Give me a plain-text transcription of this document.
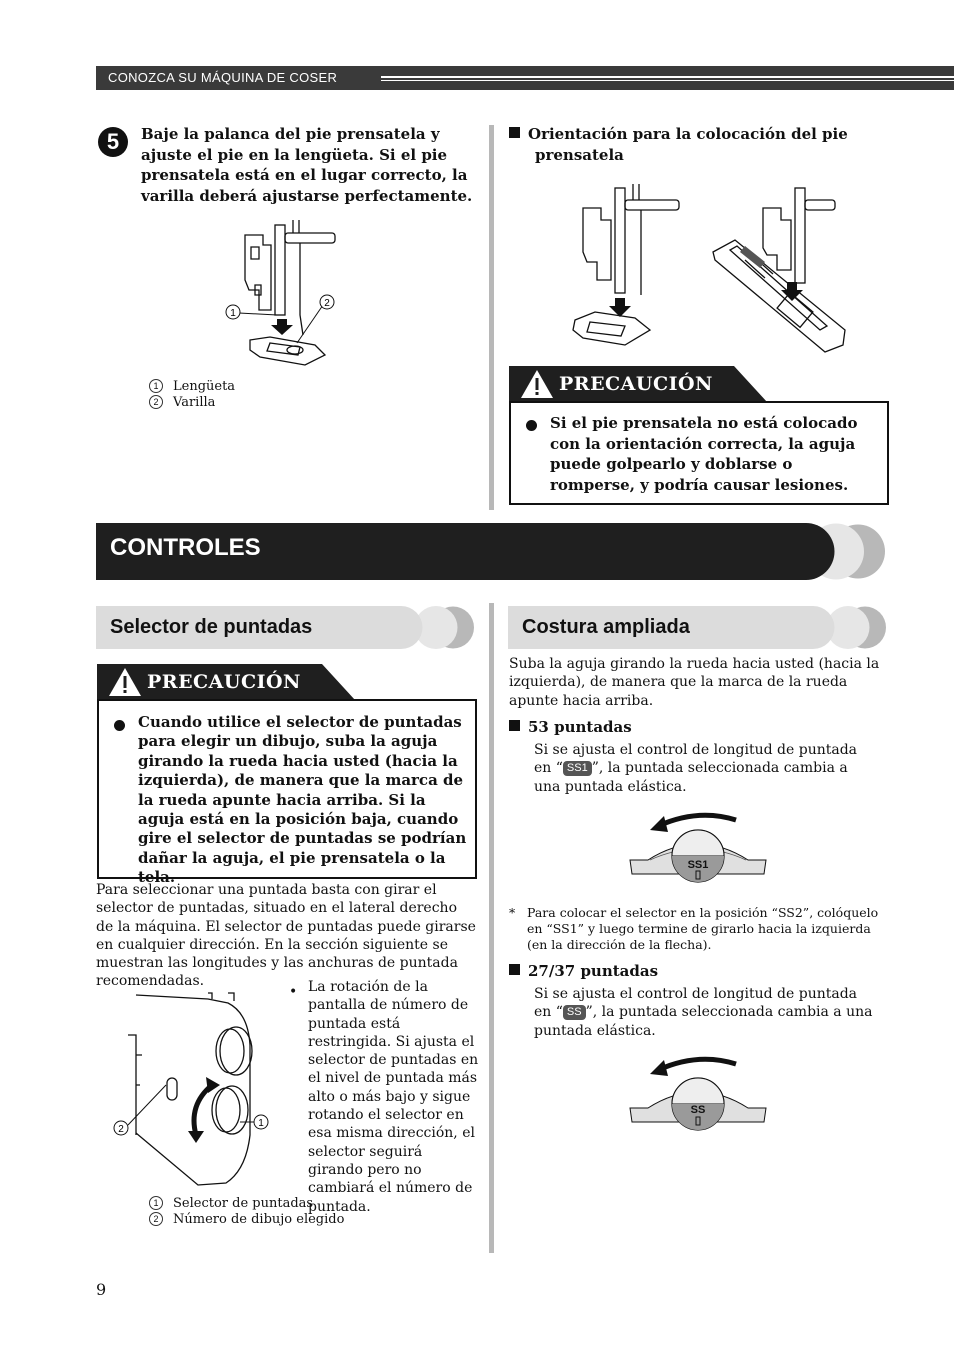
CONOZCA SU MÁQUINA DE COSER
5	Baje la palanca del pie prensatela y ajuste el pie en la lengüeta. Si el pie prensatela está en el lugar correcto, la varilla deberá ajustarse perfectamente.
1
2
1 Lengüeta
2 Varilla
Orientación para la colocación del pie prensatela
PRECAUCIÓN
Si el pie prensatela no está colocado con la orientación correcta, la aguja puede golpearlo y doblarse o romperse, y podría causar lesiones.
CONTROLES
Selector de puntadas	Costura ampliada
PRECAUCIÓN
Cuando utilice el selector de puntadas para elegir un dibujo, suba la aguja girando la rueda hacia usted (hacia la izquierda), de manera que la marca de la rueda apunte hacia arriba. Si la aguja está en la posición baja, cuando gire el selector de puntadas se podrían dañar la aguja, el pie prensatela o la tela.
Para seleccionar una puntada basta con girar el selector de puntadas, situado en el lateral derecho de la máquina. El selector de puntadas puede girarse en cualquier dirección. En la sección siguiente se muestran las longitudes y las anchuras de puntada recomendadas.
2
1
• La rotación de la pantalla de número de puntada está restringida. Si ajusta el selector de puntadas en el nivel de puntada más alto o más bajo y sigue rotando el selector en esa misma dirección, el selector seguirá girando pero no cambiará el número de puntada.
1 Selector de puntadas
2 Número de dibujo elegido
Suba la aguja girando la rueda hacia usted (hacia la izquierda), de manera que la marca de la rueda apunte hacia arriba.
53 puntadas
Si se ajusta el control de longitud de puntada en “ SS1 ”, la puntada seleccionada cambia a una puntada elástica.
SS1
* Para colocar el selector en la posición “SS2”, colóquelo en “SS1” y luego termine de girarlo hacia la izquierda (en la dirección de la flecha).
27/37 puntadas
Si se ajusta el control de longitud de puntada en “ SS ”, la puntada seleccionada cambia a una puntada elástica.
SS
9
